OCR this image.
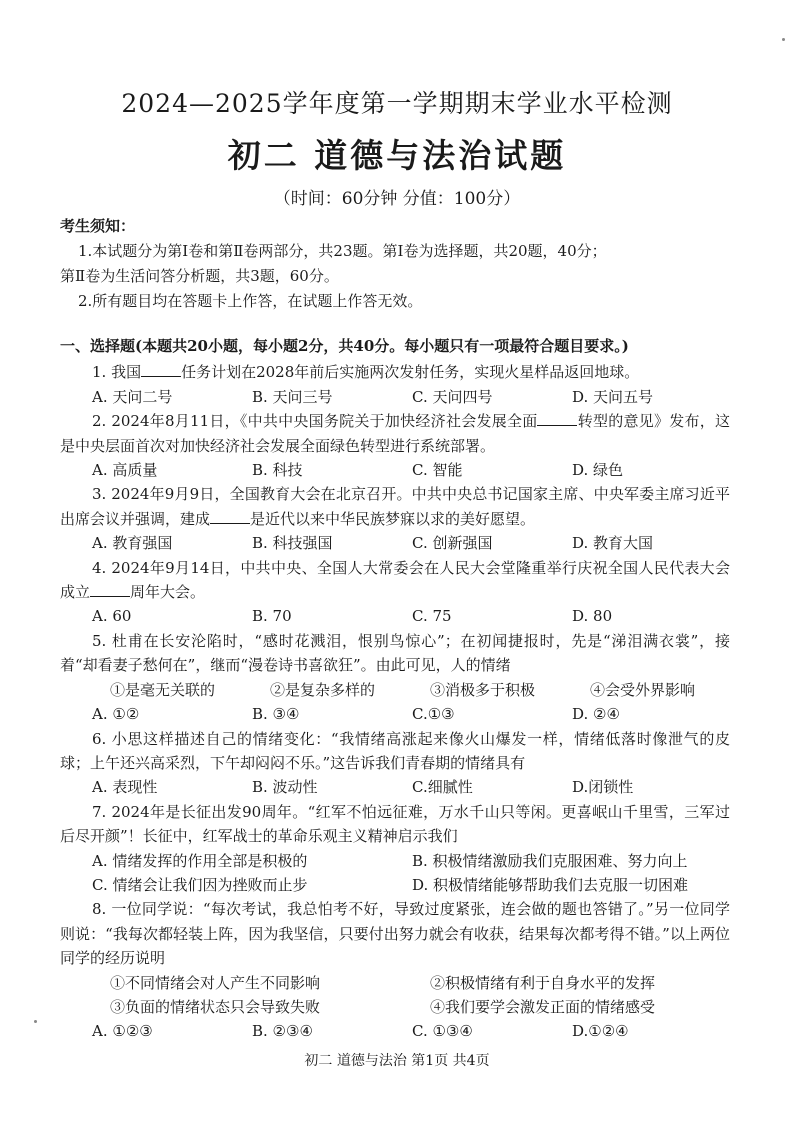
2024—2025学年度第一学期期末学业水平检测
初二 道德与法治试题
（时间：60分钟 分值：100分）
考生须知：
1.本试题分为第Ⅰ卷和第Ⅱ卷两部分，共23题。第Ⅰ卷为选择题，共20题，40分；
第Ⅱ卷为生活问答分析题，共3题，60分。
2.所有题目均在答题卡上作答，在试题上作答无效。
一、选择题(本题共20小题，每小题2分，共40分。每小题只有一项最符合题目要求。)
1. 我国	任务计划在2028年前后实施两次发射任务，实现火星样品返回地球。
A. 天问二号	B. 天问三号	C. 天问四号	D. 天问五号
2. 2024年8月11日，《中共中央国务院关于加快经济社会发展全面	转型的意见》发布，这是中央层面首次对加快经济社会发展全面绿色转型进行系统部署。
A. 高质量	B. 科技	C. 智能	D. 绿色
3. 2024年9月9日，全国教育大会在北京召开。中共中央总书记国家主席、中央军委主席习近平出席会议并强调，建成	是近代以来中华民族梦寐以求的美好愿望。
A. 教育强国	B. 科技强国	C. 创新强国	D. 教育大国
4. 2024年9月14日，中共中央、全国人大常委会在人民大会堂隆重举行庆祝全国人民代表大会成立	周年大会。
A. 60	B. 70	C. 75	D. 80
5. 杜甫在长安沦陷时，“感时花溅泪，恨别鸟惊心”；在初闻捷报时，先是“涕泪满衣裳”，接着“却看妻子愁何在”，继而“漫卷诗书喜欲狂”。由此可见，人的情绪
①是毫无关联的	②是复杂多样的	③消极多于积极	④会受外界影响
A. ①②	B. ③④	C.①③	D. ②④
6. 小思这样描述自己的情绪变化：“我情绪高涨起来像火山爆发一样，情绪低落时像泄气的皮球；上午还兴高采烈，下午却闷闷不乐。”这告诉我们青春期的情绪具有
A. 表现性	B. 波动性	C.细腻性	D.闭锁性
7. 2024年是长征出发90周年。“红军不怕远征难，万水千山只等闲。更喜岷山千里雪，三军过后尽开颜”！长征中，红军战士的革命乐观主义精神启示我们
A. 情绪发挥的作用全部是积极的	B. 积极情绪激励我们克服困难、努力向上
C. 情绪会让我们因为挫败而止步	D. 积极情绪能够帮助我们去克服一切困难
8. 一位同学说：“每次考试，我总怕考不好，导致过度紧张，连会做的题也答错了。”另一位同学则说：“我每次都轻装上阵，因为我坚信，只要付出努力就会有收获，结果每次都考得不错。”以上两位同学的经历说明
①不同情绪会对人产生不同影响	②积极情绪有利于自身水平的发挥
③负面的情绪状态只会导致失败	④我们要学会激发正面的情绪感受
A. ①②③	B. ②③④	C. ①③④	D.①②④
初二 道德与法治 第1页 共4页
